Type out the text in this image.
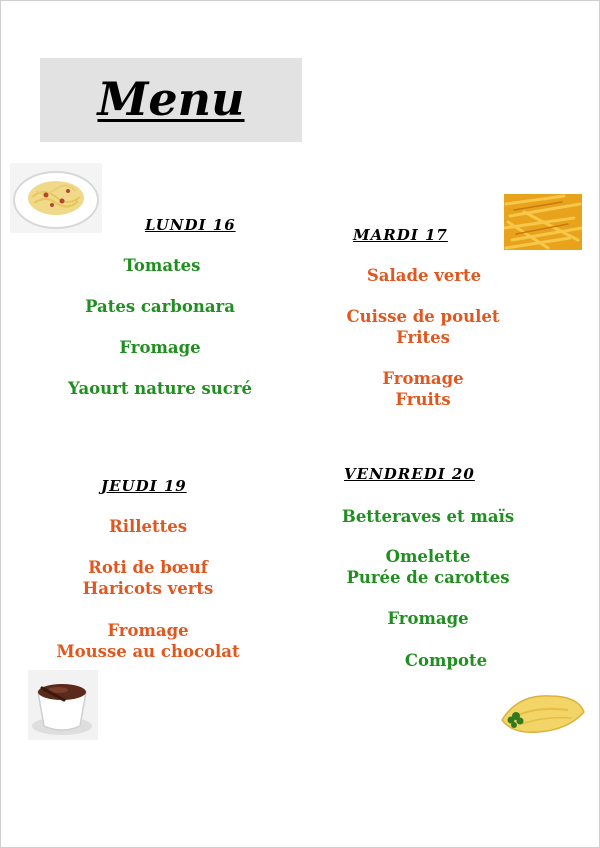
Menu
LUNDI 16
Tomates
Pates carbonara
Fromage
Yaourt nature sucré
MARDI 17
Salade verte
Cuisse de poulet
Frites
Fromage
Fruits
JEUDI 19
Rillettes
Roti de bœuf
Haricots verts
Fromage
Mousse au chocolat
VENDREDI 20
Betteraves et maïs
Omelette
Purée de carottes
Fromage
Compote
